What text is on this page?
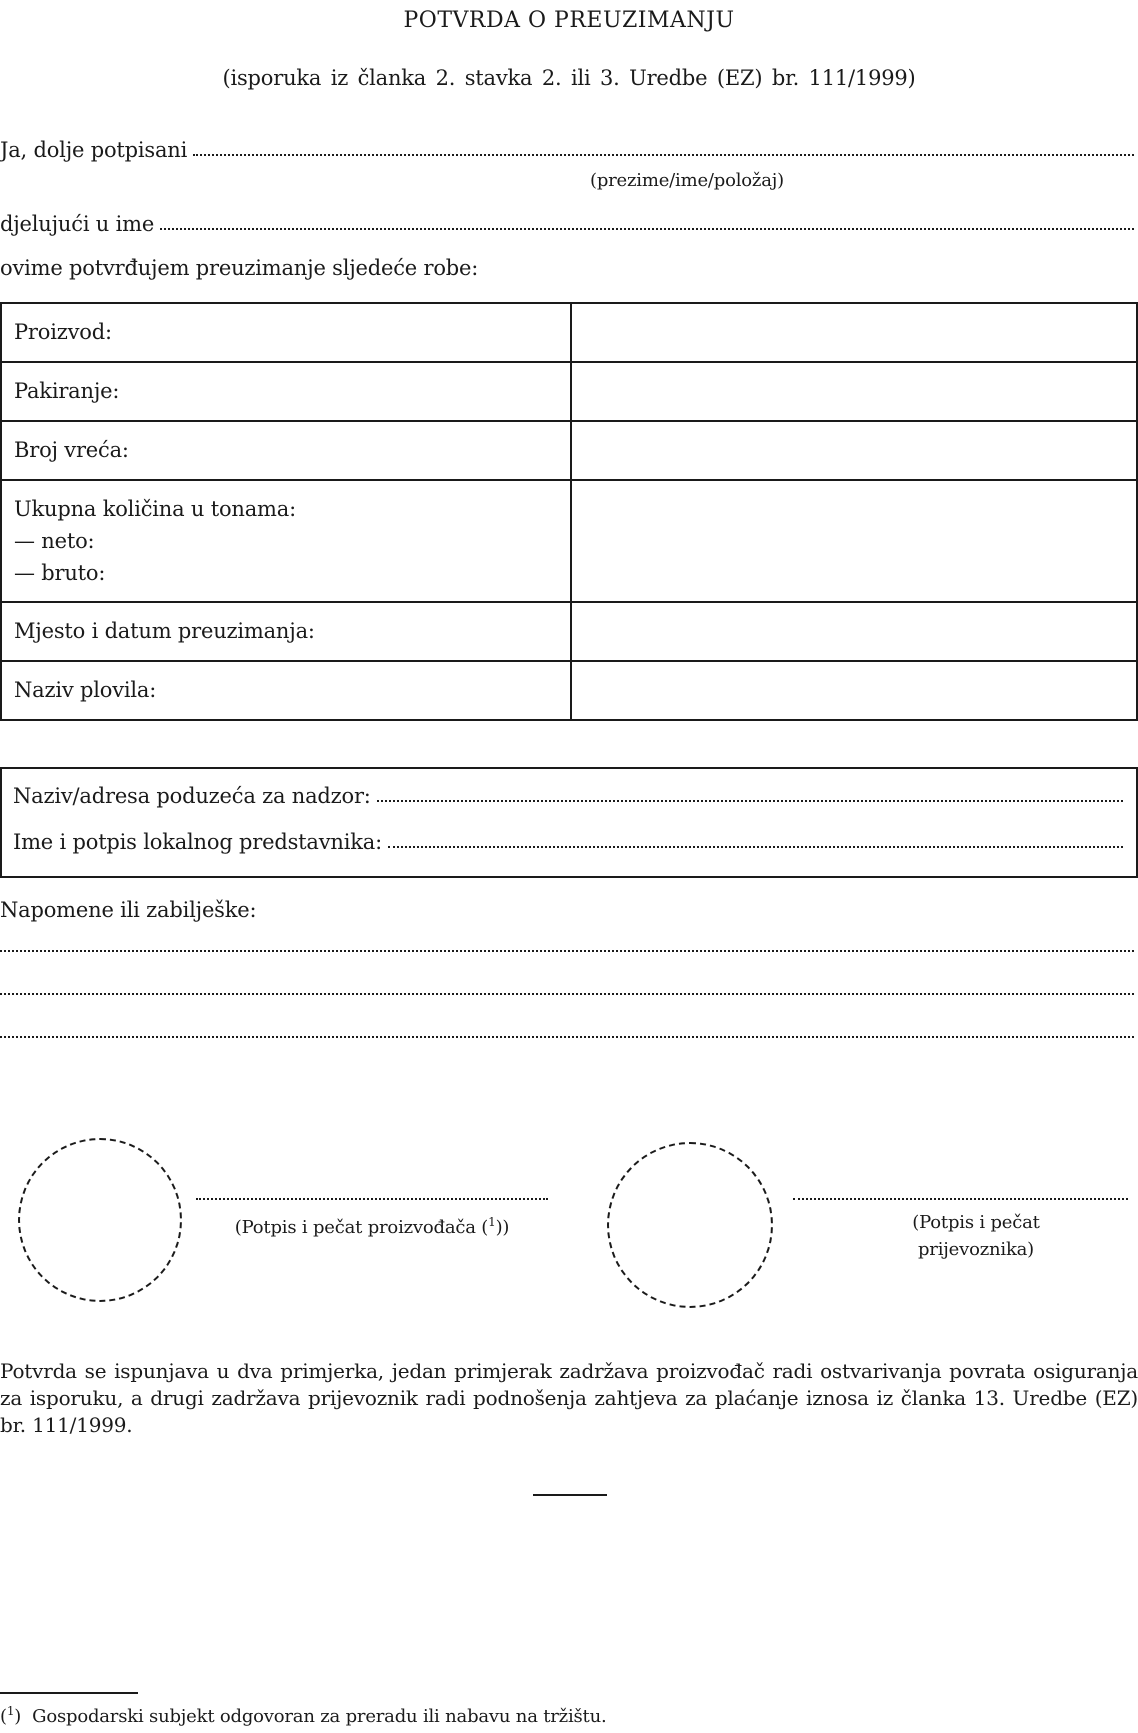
POTVRDA O PREUZIMANJU
(isporuka iz članka 2. stavka 2. ili 3. Uredbe (EZ) br. 111/1999)
Ja, dolje potpisani
(prezime/ime/položaj)
djelujući u ime
ovime potvrđujem preuzimanje sljedeće robe:
Proizvod:	

Pakiranje:	

Broj vreća:	

Ukupna količina u tonama:
— neto:
— bruto:	

Mjesto i datum preuzimanja:	

Naziv plovila:	

Naziv/adresa poduzeća za nadzor:
Ime i potpis lokalnog predstavnika:
Napomene ili zabilješke:
(Potpis i pečat proizvođača ($^1$))	(Potpis i pečat
prijevoznika)
Potvrda se ispunjava u dva primjerka, jedan primjerak zadržava proizvođač radi ostvarivanja povrata osiguranja za isporuku, a drugi zadržava prijevoznik radi podnošenja zahtjeva za plaćanje iznosa iz članka 13. Uredbe (EZ) br. 111/1999.
($^1$)  Gospodarski subjekt odgovoran za preradu ili nabavu na tržištu.
